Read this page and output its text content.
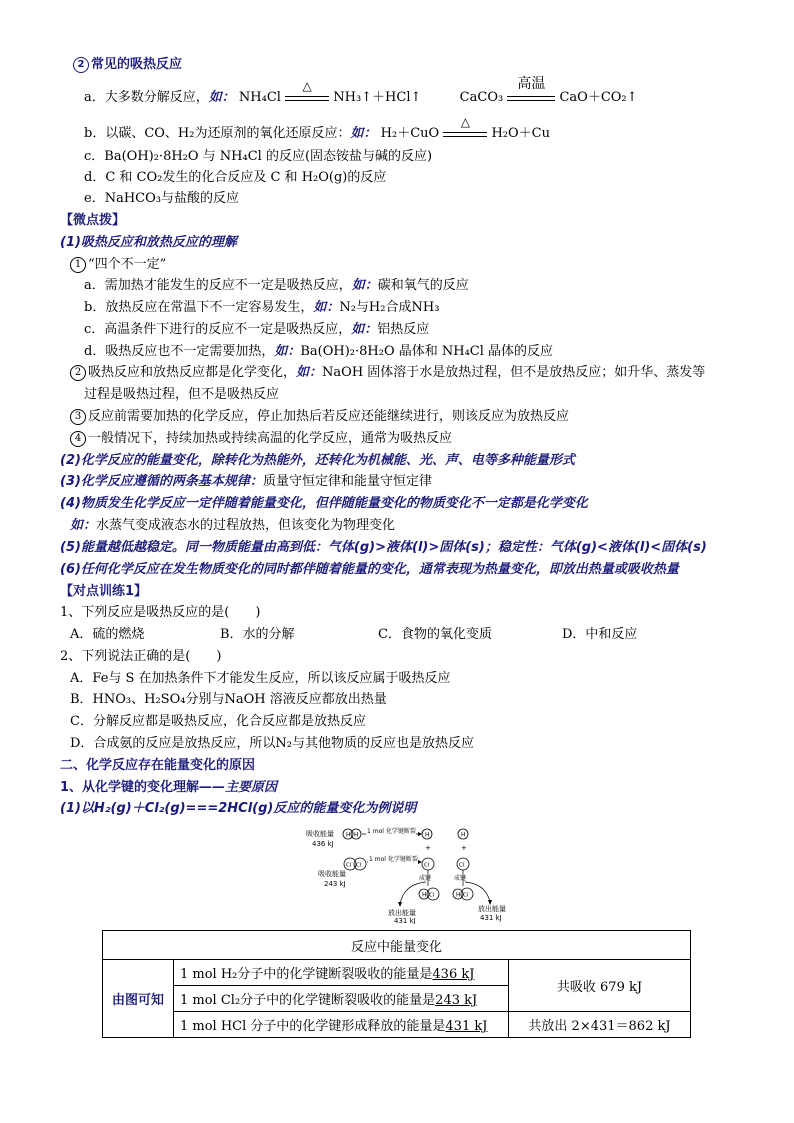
2 常见的吸热反应
a．大多数分解反应，如： NH₄Cl
△
NH₃↑＋HCl↑	CaCO₃
高温
CaO＋CO₂↑
b．以碳、CO、H₂为还原剂的氧化还原反应：如： H₂＋CuO
△
H₂O＋Cu
c．Ba(OH)₂·8H₂O 与 NH₄Cl 的反应(固态铵盐与碱的反应)
d．C 和 CO₂发生的化合反应及 C 和 H₂O(g)的反应
e．NaHCO₃与盐酸的反应
【微点拨】
(1)吸热反应和放热反应的理解
1 “四个不一定”
a．需加热才能发生的反应不一定是吸热反应，如：碳和氧气的反应
b．放热反应在常温下不一定容易发生，如：N₂与H₂合成NH₃
c．高温条件下进行的反应不一定是吸热反应，如：铝热反应
d．吸热反应也不一定需要加热，如：Ba(OH)₂·8H₂O 晶体和 NH₄Cl 晶体的反应
2 吸热反应和放热反应都是化学变化，如：NaOH 固体溶于水是放热过程，但不是放热反应；如升华、蒸发等
过程是吸热过程，但不是吸热反应
3 反应前需要加热的化学反应，停止加热后若反应还能继续进行，则该反应为放热反应
4 一般情况下，持续加热或持续高温的化学反应，通常为吸热反应
(2)化学反应的能量变化，除转化为热能外，还转化为机械能、光、声、电等多种能量形式
(3)化学反应遵循的两条基本规律：质量守恒定律和能量守恒定律
(4)物质发生化学反应一定伴随着能量变化，但伴随能量变化的物质变化不一定都是化学变化
如：水蒸气变成液态水的过程放热，但该变化为物理变化
(5)能量越低越稳定。同一物质能量由高到低：气体(g)>液体(l)>固体(s)；稳定性：气体(g)<液体(l)<固体(s)
(6)任何化学反应在发生物质变化的同时都伴随着能量的变化，通常表现为热量变化，即放出热量或吸收热量
【对点训练1】
1、下列反应是吸热反应的是(　　)
A．硫的燃烧	B．水的分解	C．食物的氧化变质	D．中和反应
2、下列说法正确的是(　　)
A．Fe与 S 在加热条件下才能发生反应，所以该反应属于吸热反应
B．HNO₃、H₂SO₄分别与NaOH 溶液反应都放出热量
C．分解反应都是吸热反应，化合反应都是放热反应
D．合成氨的反应是放热反应，所以N₂与其他物质的反应也是放热反应
二、化学反应存在能量变化的原因
1、从化学键的变化理解——主要原因
(1)以H₂(g)＋Cl₂(g)===2HCl(g)反应的能量变化为例说明
吸收能量
436 kJ
H H 1 mol 化学键断裂 H	H
+	+
Cl Cl
1 mol 化学键断裂
Cl	Cl
吸收能量
243 kJ
成键	成键
H Cl	H Cl
放出能量
431 kJ
放出能量
431 kJ
反应中能量变化		
由图可知	1 mol H₂分子中的化学键断裂吸收的能量是436 kJ	共吸收 679 kJ
	1 mol Cl₂分子中的化学键断裂吸收的能量是243 kJ	
	1 mol HCl 分子中的化学键形成释放的能量是431 kJ	共放出 2×431＝862 kJ
